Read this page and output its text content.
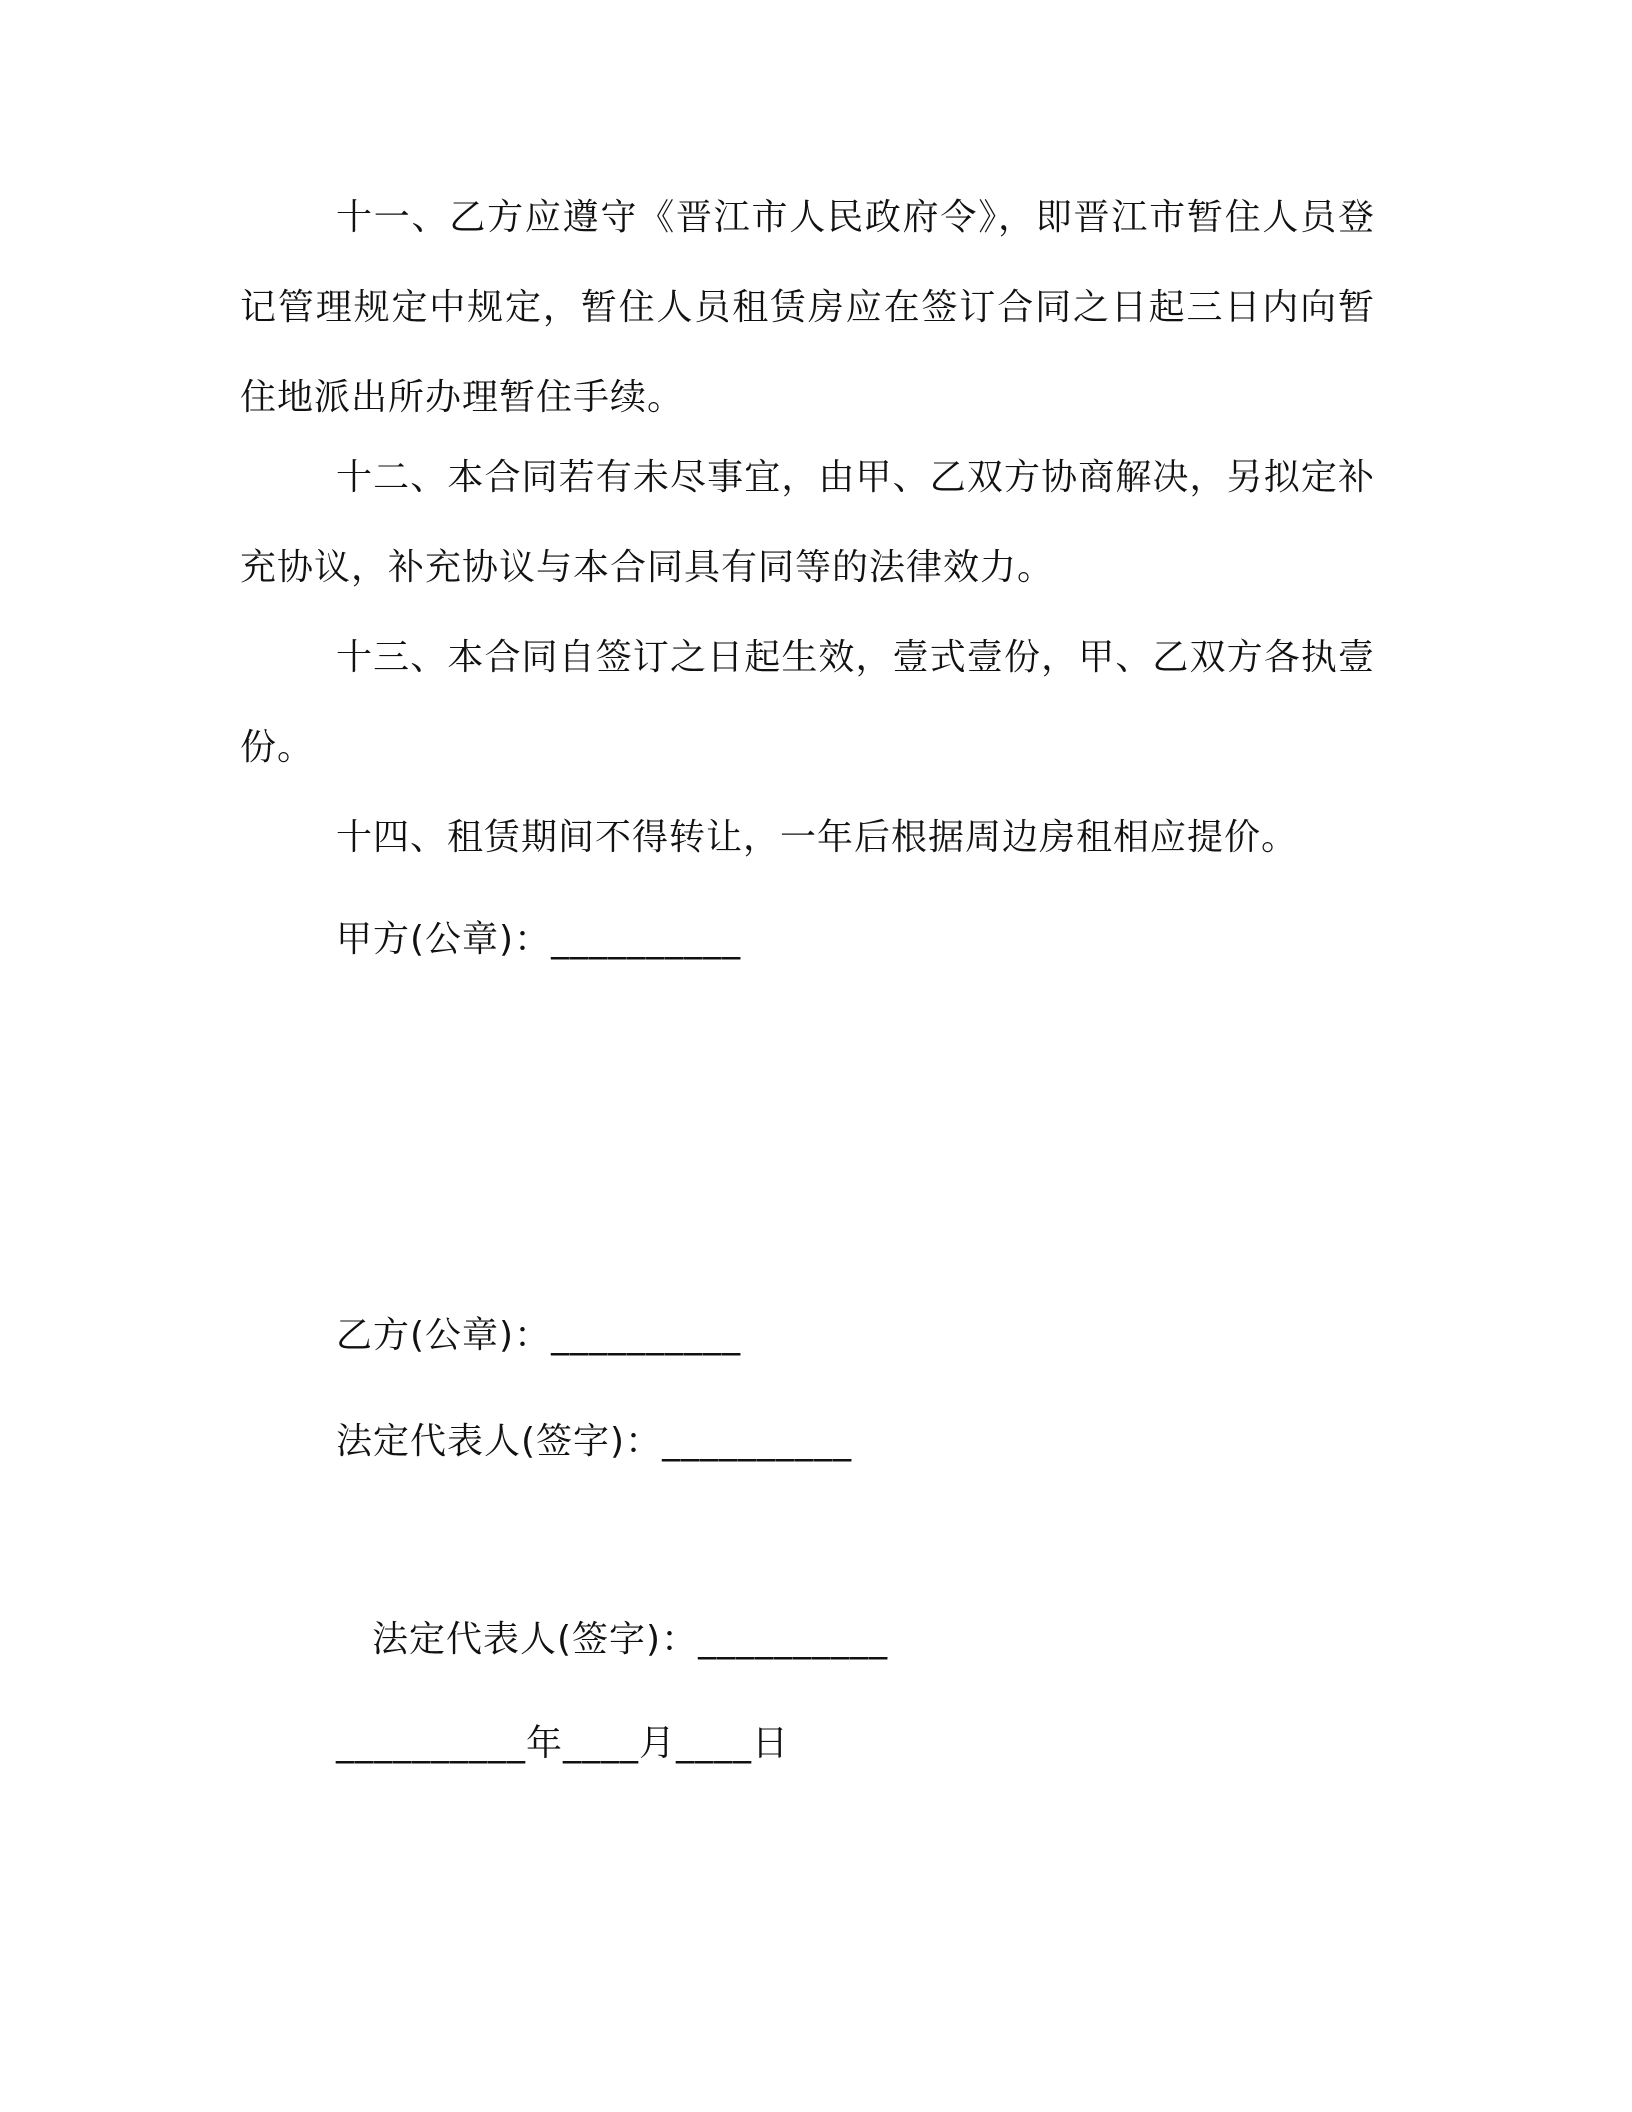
十一、乙方应遵守《晋江市人民政府令》，即晋江市暂住人员登记管理规定中规定，暂住人员租赁房应在签订合同之日起三日内向暂住地派出所办理暂住手续。

十二、本合同若有未尽事宜，由甲、乙双方协商解决，另拟定补充协议，补充协议与本合同具有同等的法律效力。

十三、本合同自签订之日起生效，壹式壹份，甲、乙双方各执壹份。

十四、租赁期间不得转让，一年后根据周边房租相应提价。

甲方(公章)：__________

乙方(公章)：__________

法定代表人(签字)：__________

法定代表人(签字)：__________

__________年____月____日
